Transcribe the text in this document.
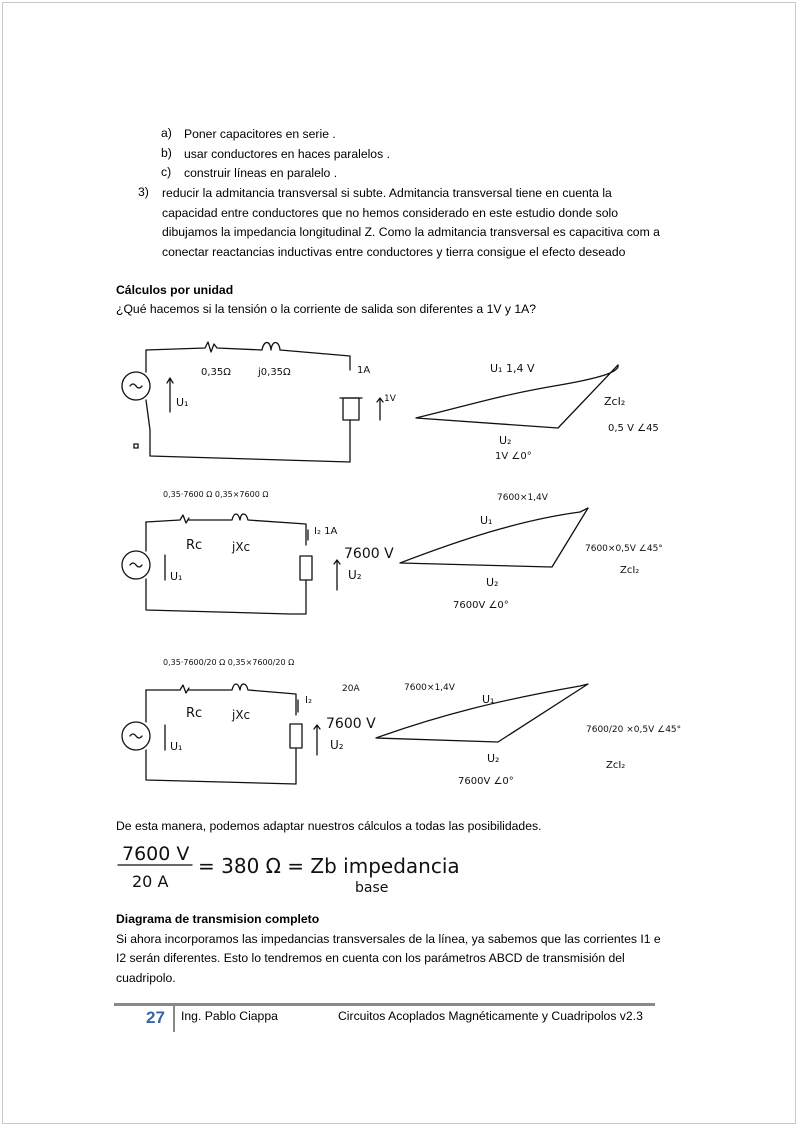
a) Poner capacitores en serie .
b) usar conductores en haces paralelos .
c) construir líneas en paralelo .
3) reducir la admitancia transversal si subte. Admitancia transversal tiene en cuenta la
capacidad entre conductores que no hemos considerado en este estudio donde solo
dibujamos la impedancia longitudinal Z. Como la admitancia transversal es capacitiva com a
conectar reactancias inductivas entre conductores y tierra consigue el efecto deseado
Cálculos por unidad
¿Qué hacemos si la tensión o la corriente de salida son diferentes a 1V y 1A?
0,35Ω	j0,35Ω	1A
1V
U₁
U₁ 1,4 V
ZcI₂
0,5 V ∠45
U₂
1V ∠0°
0,35·7600 Ω 0,35×7600 Ω
Rc jXc
I₂ 1A
7600 V
U₂
U₁
7600×1,4V
U₁
7600×0,5V ∠45°
ZcI₂
U₂
7600V ∠0°
0,35·7600/20 Ω 0,35×7600/20 Ω
Rc jXc
I₂
20A
7600 V
U₂
U₁
7600×1,4V
U₁
7600/20 ×0,5V ∠45°
ZcI₂
U₂
7600V ∠0°
De esta manera, podemos adaptar nuestros cálculos a todas las posibilidades.
7600 V
20 A
= 380 Ω = Zb impedancia
base
Diagrama de transmision completo
Si ahora incorporamos las impedancias transversales de la línea, ya sabemos que las corrientes I1 e
I2 serán diferentes. Esto lo tendremos en cuenta con los parámetros ABCD de transmisión del
cuadripolo.
27 Ing. Pablo Ciappa	Circuitos Acoplados Magnéticamente y Cuadripolos v2.3
